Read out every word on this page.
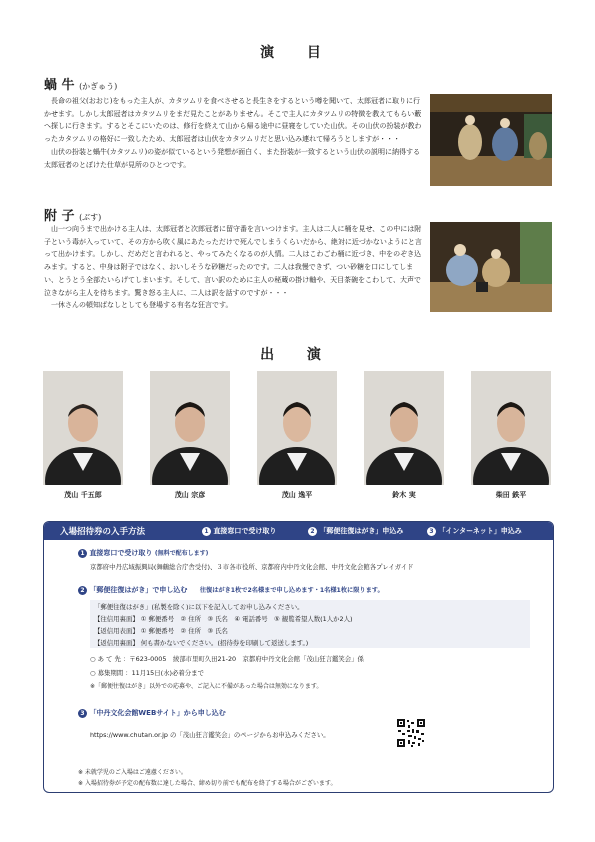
演 目
蝸 牛 (かぎゅう)

長命の祖父(おおじ)をもった主人が、カタツムリを食べさせると長生きをするという噂を聞いて、太郎冠者に取りに行かせます。しかし太郎冠者はカタツムリをまだ見たことがありません。そこで主人にカタツムリの特徴を教えてもらい藪へ探しに行きます。するとそこにいたのは、修行を終えて山から帰る途中に昼寝をしていた山伏。その山伏の扮装が教わったカタツムリの格好に一致したため、太郎冠者は山伏をカタツムリだと思い込み連れて帰ろうとしますが・・・

山伏の扮装と蝸牛(カタツムリ)の姿が似ているという発想が面白く、また扮装が一致するという山伏の説明に納得する太郎冠者のとぼけた仕草が見所のひとつです。

附 子 (ぶす)

山一つ向うまで出かける主人は、太郎冠者と次郎冠者に留守番を言いつけます。主人は二人に桶を見せ、この中には附子という毒が入っていて、その方から吹く風にあたっただけで死んでしまうくらいだから、絶対に近づかないようにと言って出かけます。しかし、だめだと言われると、やってみたくなるのが人情。二人はこわごわ桶に近づき、中をのぞき込みます。すると、中身は附子ではなく、おいしそうな砂糖だったのです。二人は我慢できず、つい砂糖を口にしてしまい、とうとう全部たいらげてしまいます。そして、言い訳のために主人の秘蔵の掛け軸や、天目茶碗をこわして、大声で泣きながら主人を待ちます。驚き怒る主人に、二人は訳を話すのですが・・・

一休さんの頓知ばなしとしても登場する有名な狂言です。

出 演
茂山 千五郎	茂山 宗彦	茂山 逸平	鈴木 実	柴田 鉄平
入場招待券の入手方法	1 直接窓口で受け取り	2 「郵便往復はがき」申込み	3 「インターネット」申込み
1 直接窓口で受け取り (無料で配布します)
京都府中丹広域振興局(舞鶴総合庁舎受付)、３市各市役所、京都府内中丹文化会館、中丹文化会館各プレイガイド
2 「郵便往復はがき」で申し込む 往復はがき1枚で2名様まで申し込めます・1名様1枚に限ります。
「郵便往復はがき」(私製を除く)に以下を記入してお申し込みください。
【往信用裏面】 ① 郵便番号　② 住所　③ 氏名　④ 電話番号　⑤ 観覧希望人数(1人か2人)
【返信用表面】 ① 郵便番号　② 住所　③ 氏名
【返信用裏面】 何も書かないでください。(招待券を印刷して返送します。)
○ あ て 先 ：〒623-0005　綾部市里町久田21-20　京都府中丹文化会館「茂山狂言鑑笑会」係
○ 募集期間 ：11月15日(水)必着分まで
※「郵便往復はがき」以外での応募や、ご記入に不備があった場合は無効になります。
3 「中丹文化会館WEBサイト」から申し込む
https://www.chutan.or.jp の「茂山狂言鑑笑会」のページからお申込みください。
※ 未就学児のご入場はご遠慮ください。
※ 入場招待券が予定の配布数に達した場合、締め切り前でも配布を終了する場合がございます。
